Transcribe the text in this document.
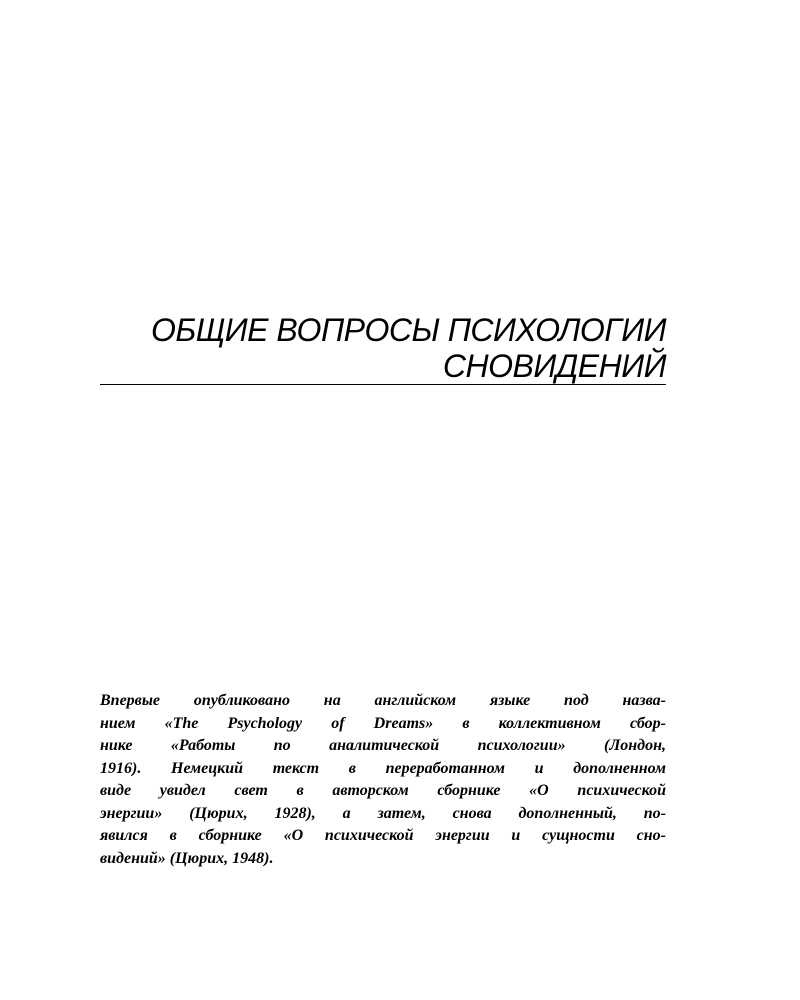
ОБЩИЕ ВОПРОСЫ ПСИХОЛОГИИ
СНОВИДЕНИЙ
Впервые опубликовано на английском языке под назва-
нием «The Psychology of Dreams» в коллективном сбор-
нике «Работы по аналитической психологии» (Лондон,
1916). Немецкий текст в переработанном и дополненном
виде увидел свет в авторском сборнике «О психической
энергии» (Цюрих, 1928), а затем, снова дополненный, по-
явился в сборнике «О психической энергии и сущности сно-
видений» (Цюрих, 1948).
